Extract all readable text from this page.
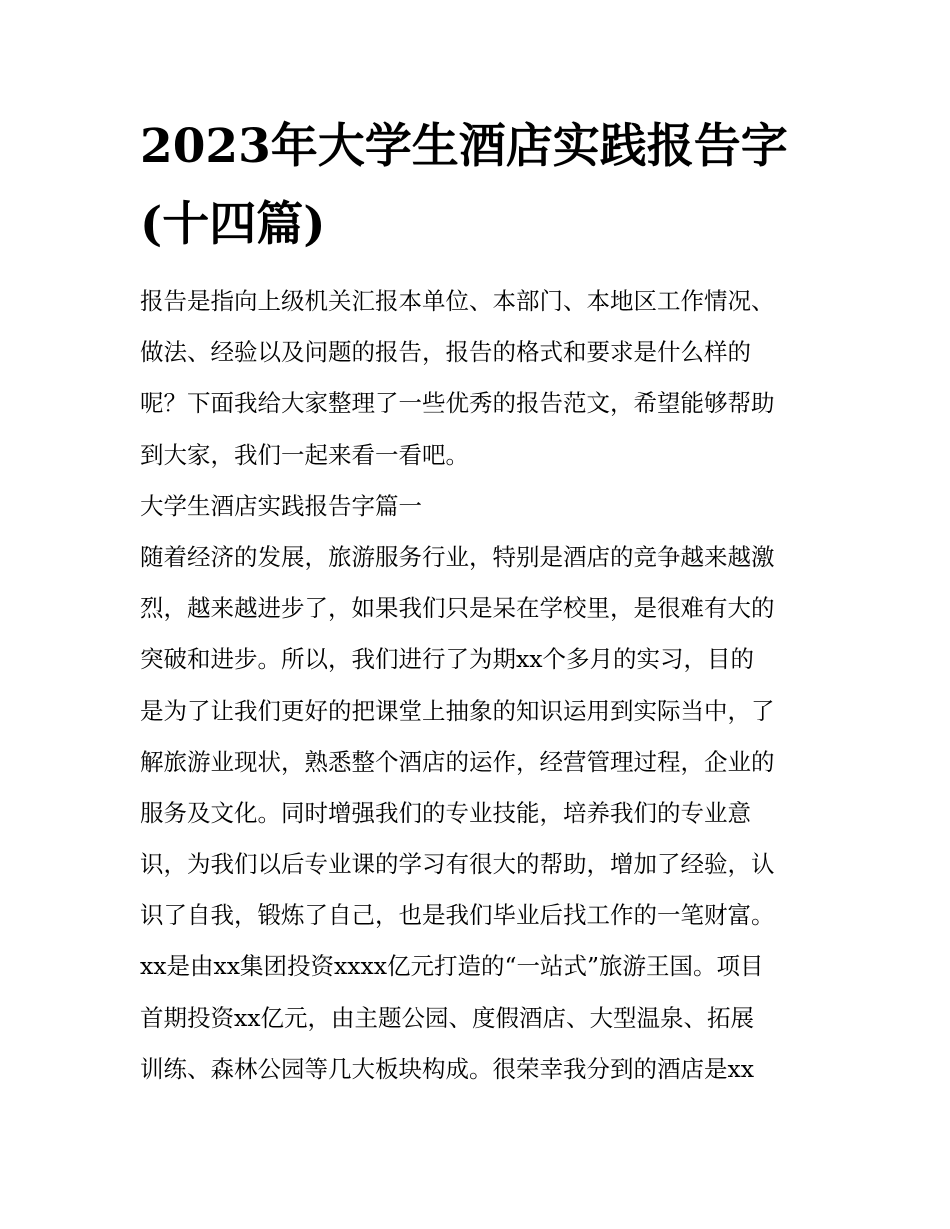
2023年大学生酒店实践报告字
(十四篇)
报告是指向上级机关汇报本单位、本部门、本地区工作情况、
做法、经验以及问题的报告，报告的格式和要求是什么样的
呢？下面我给大家整理了一些优秀的报告范文，希望能够帮助
到大家，我们一起来看一看吧。
大学生酒店实践报告字篇一
随着经济的发展，旅游服务行业，特别是酒店的竞争越来越激
烈，越来越进步了，如果我们只是呆在学校里，是很难有大的
突破和进步。所以，我们进行了为期xx个多月的实习，目的
是为了让我们更好的把课堂上抽象的知识运用到实际当中，了
解旅游业现状，熟悉整个酒店的运作，经营管理过程，企业的
服务及文化。同时增强我们的专业技能，培养我们的专业意
识，为我们以后专业课的学习有很大的帮助，增加了经验，认
识了自我，锻炼了自己，也是我们毕业后找工作的一笔财富。
xx是由xx集团投资xxxx亿元打造的“一站式”旅游王国。项目
首期投资xx亿元，由主题公园、度假酒店、大型温泉、拓展
训练、森林公园等几大板块构成。很荣幸我分到的酒店是xx
